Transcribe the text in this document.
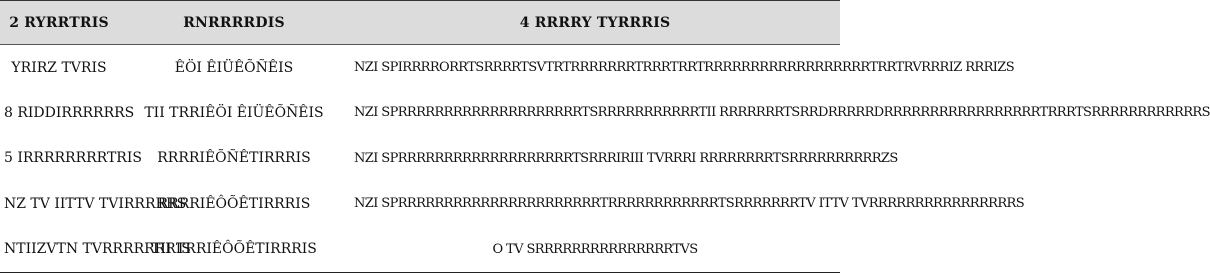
2 RYRRTRIS	RNRRRRDIS	4 RRRRY TYRRRIS
YRIRZ TVRIS	ÊÖI ÊIÜÊÕÑÊIS	NZI SPIRRRRORRTSRRRRTSVTRTRRRRRRRTRRRTRRTRRRRRRRRRRRRRRRRRRTRRTRVRRRIZ RRRIZS
8 RIDDIRRRRRRS	TII TRRIÊÖI ÊIÜÊÕÑÊIS	NZI SPRRRRRRRRRRRRRRRRRRRRTSRRRRRRRRRRRTII RRRRRRRTSRRDRRRRRDRRRRRRRRRRRRRRRRRTRRRTSRRRRRRRRRRRRS
5 IRRRRRRRRTRIS	RRRRIÊÕÑÊTIRRRIS	NZI SPRRRRRRRRRRRRRRRRRRRTSRRRIRIII TVRRRI RRRRRRRRTSRRRRRRRRRRZS
NZ TV IITTV TVIRRRRRS	RRRRIÊÔÕÊTIRRRIS	NZI SPRRRRRRRRRRRRRRRRRRRRRRTRRRRRRRRRRRRTSRRRRRRRTV ITTV TVRRRRRRRRRRRRRRRRS
NTIIZVTN TVRRRRRRRIS	TII TRRIÊÔÕÊTIRRRIS	O TV SRRRRRRRRRRRRRRRTVS
